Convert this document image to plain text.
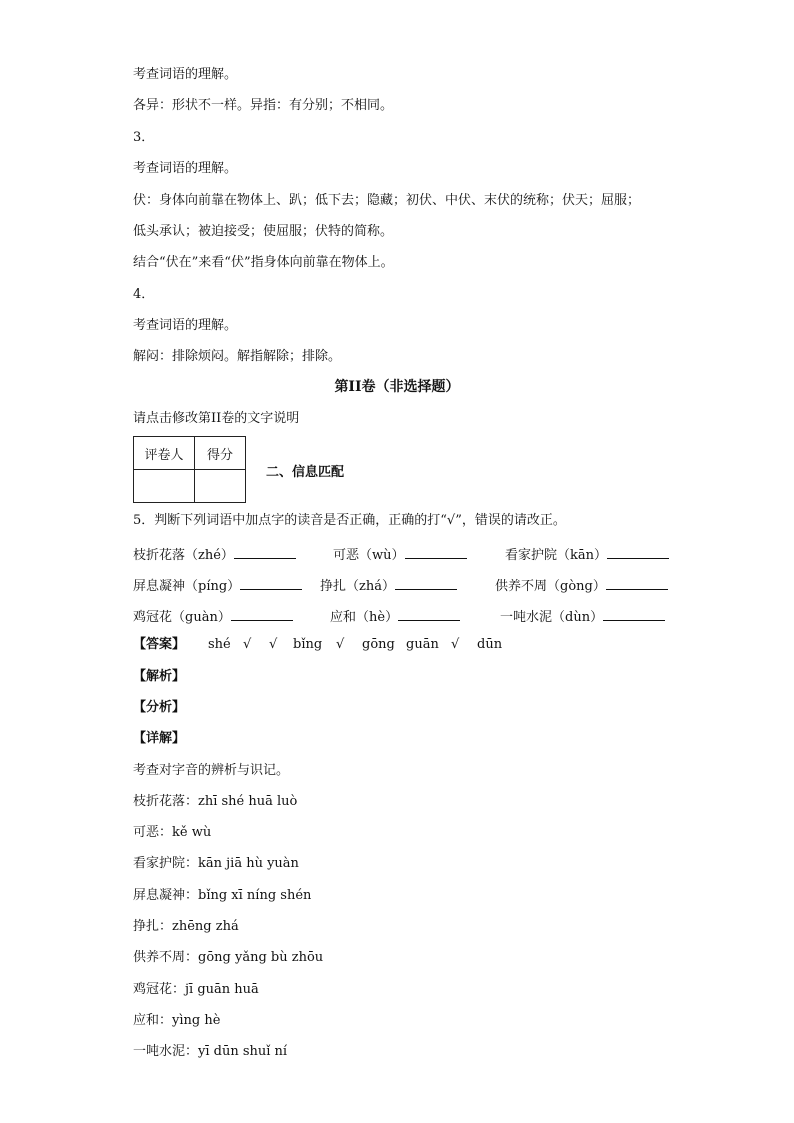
考查词语的理解。
各异：形状不一样。异指：有分别；不相同。
3．
考查词语的理解。
伏：身体向前靠在物体上、趴；低下去；隐藏；初伏、中伏、末伏的统称；伏天；屈服；
低头承认；被迫接受；使屈服；伏特的简称。
结合“伏在”来看“伏”指身体向前靠在物体上。
4．
考查词语的理解。
解闷：排除烦闷。解指解除；排除。
第II卷（非选择题）
请点击修改第II卷的文字说明
评卷人	得分

二、信息匹配
5．判断下列词语中加点字的读音是否正确，正确的打“√”，错误的请改正。
枝折花落（zhé）	可恶（wù）	看家护院（kān）
屏息凝神（píng）	挣扎（zhá）	供养不周（gòng）
鸡冠花（guàn）	应和（hè）	一吨水泥（dùn）
【答案】 shé √ √ bǐng √ gōng guān √ dūn
【解析】
【分析】
【详解】
考查对字音的辨析与识记。
枝折花落：zhī shé huā luò
可恶：kě wù
看家护院：kān jiā hù yuàn
屏息凝神：bǐng xī níng shén
挣扎：zhēng zhá
供养不周：gōng yǎng bù zhōu
鸡冠花：jī guān huā
应和：yìng hè
一吨水泥：yī dūn shuǐ ní
